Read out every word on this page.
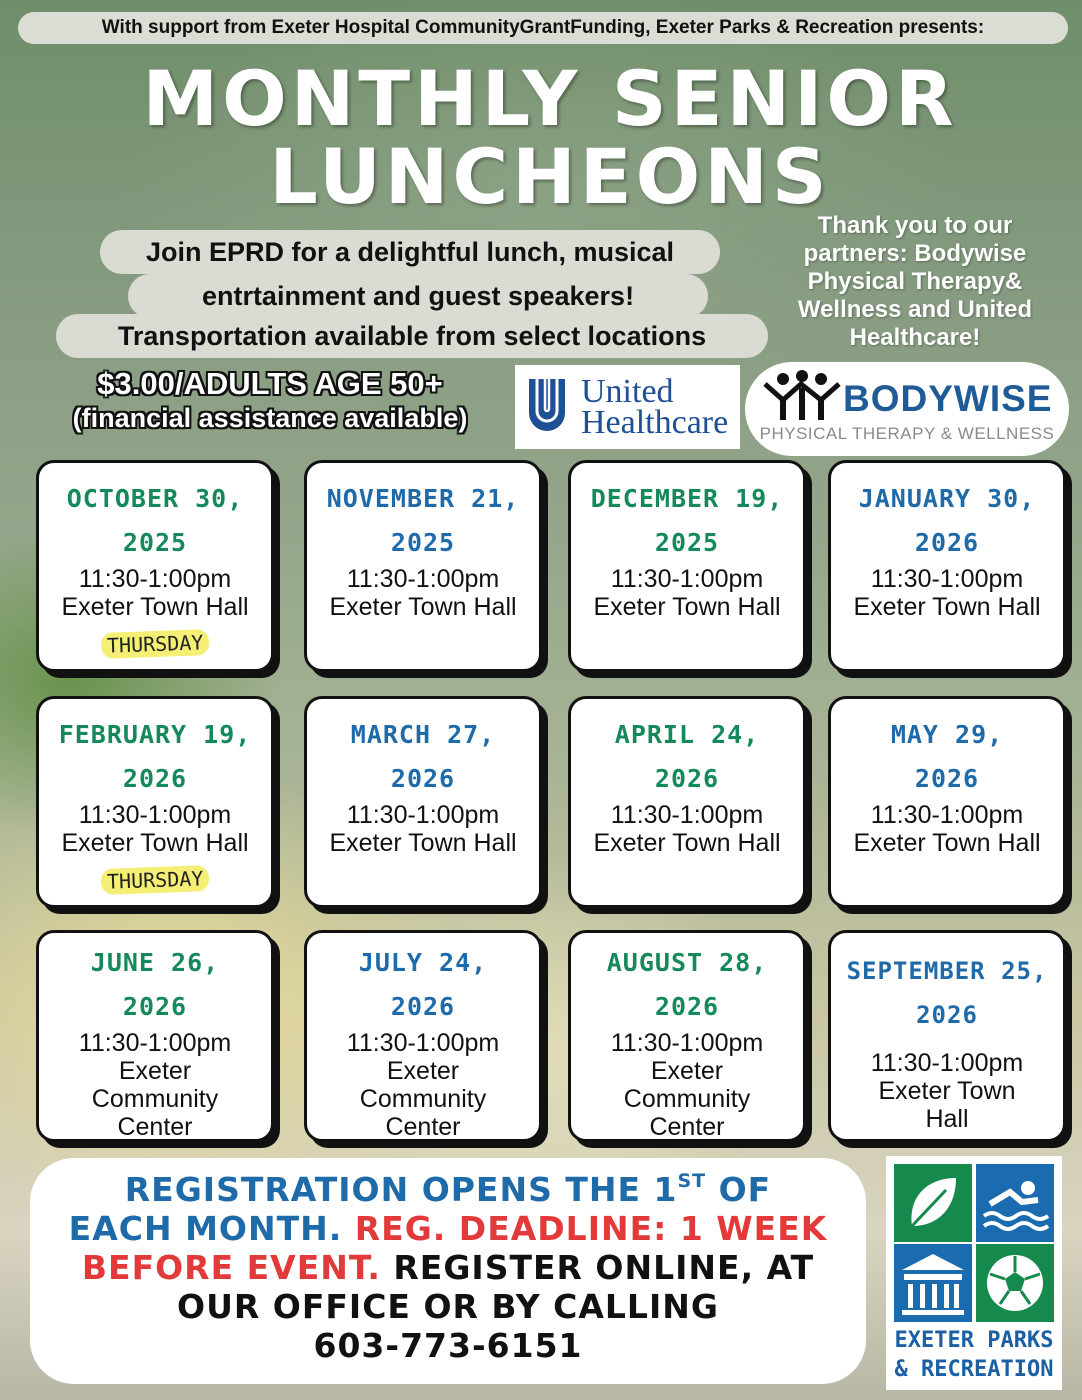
With support from Exeter Hospital CommunityGrantFunding, Exeter Parks & Recreation presents:
MONTHLY SENIOR
LUNCHEONS
Join EPRD for a delightful lunch, musical
entrtainment and guest speakers!
Transportation available from select locations
Thank you to our partners: Bodywise Physical Therapy& Wellness and United Healthcare!
$3.00/ADULTS AGE 50+
(financial assistance available)
United
Healthcare
BODYWISE
PHYSICAL THERAPY & WELLNESS
OCTOBER 30,
2025
11:30-1:00pm
Exeter Town Hall
THURSDAY
NOVEMBER 21,
2025
11:30-1:00pm
Exeter Town Hall
DECEMBER 19,
2025
11:30-1:00pm
Exeter Town Hall
JANUARY 30,
2026
11:30-1:00pm
Exeter Town Hall
FEBRUARY 19,
2026
11:30-1:00pm
Exeter Town Hall
THURSDAY
MARCH 27,
2026
11:30-1:00pm
Exeter Town Hall
APRIL 24,
2026
11:30-1:00pm
Exeter Town Hall
MAY 29,
2026
11:30-1:00pm
Exeter Town Hall
JUNE 26,
2026
11:30-1:00pm
Exeter
Community
Center
JULY 24,
2026
11:30-1:00pm
Exeter
Community
Center
AUGUST 28,
2026
11:30-1:00pm
Exeter
Community
Center
SEPTEMBER 25,
2026
11:30-1:00pm
Exeter Town
Hall
REGISTRATION OPENS THE 1ST OF
EACH MONTH. REG. DEADLINE: 1 WEEK
BEFORE EVENT. REGISTER ONLINE, AT
OUR OFFICE OR BY CALLING
603-773-6151	EXETER PARKS
& RECREATION
